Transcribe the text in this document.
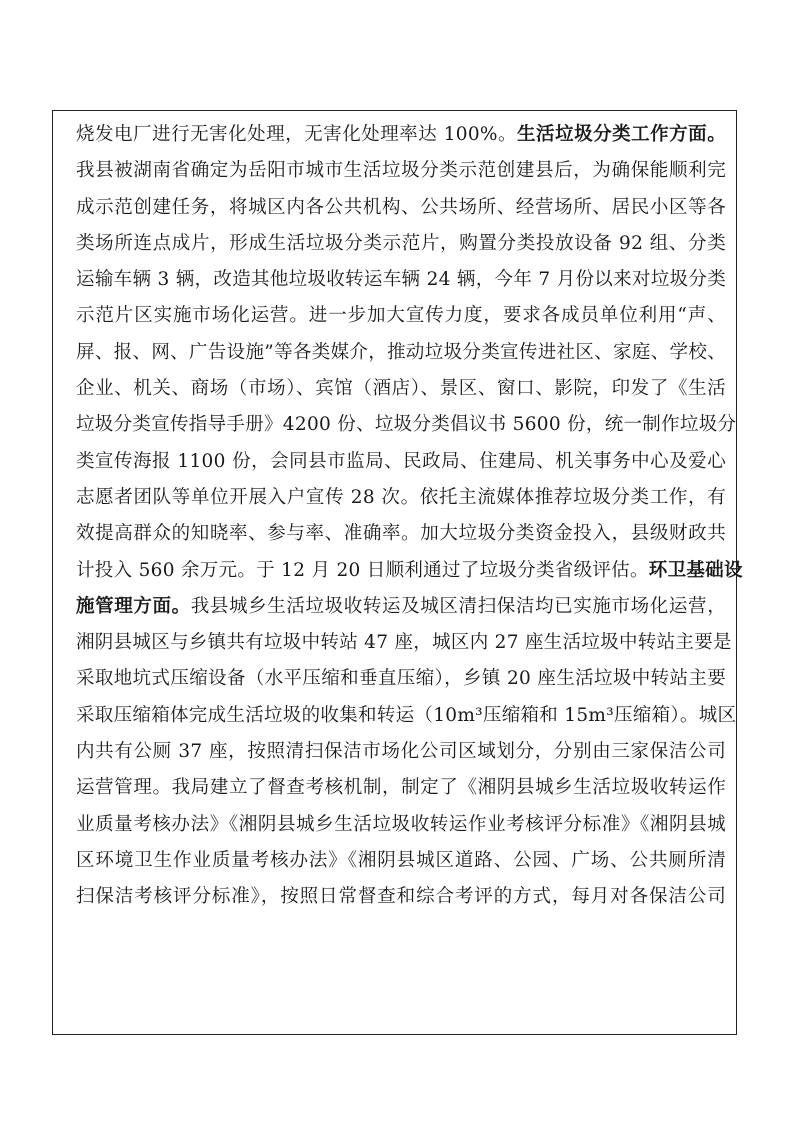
烧发电厂进行无害化处理，无害化处理率达 100%。生活垃圾分类工作方面。
我县被湖南省确定为岳阳市城市生活垃圾分类示范创建县后，为确保能顺利完
成示范创建任务，将城区内各公共机构、公共场所、经营场所、居民小区等各
类场所连点成片，形成生活垃圾分类示范片，购置分类投放设备 92 组、分类
运输车辆 3 辆，改造其他垃圾收转运车辆 24 辆，今年 7 月份以来对垃圾分类
示范片区实施市场化运营。进一步加大宣传力度，要求各成员单位利用“声、
屏、报、网、广告设施”等各类媒介，推动垃圾分类宣传进社区、家庭、学校、
企业、机关、商场（市场）、宾馆（酒店）、景区、窗口、影院，印发了《生活
垃圾分类宣传指导手册》4200 份、垃圾分类倡议书 5600 份，统一制作垃圾分
类宣传海报 1100 份，会同县市监局、民政局、住建局、机关事务中心及爱心
志愿者团队等单位开展入户宣传 28 次。依托主流媒体推荐垃圾分类工作，有
效提高群众的知晓率、参与率、准确率。加大垃圾分类资金投入，县级财政共
计投入 560 余万元。于 12 月 20 日顺利通过了垃圾分类省级评估。环卫基础设
施管理方面。我县城乡生活垃圾收转运及城区清扫保洁均已实施市场化运营，
湘阴县城区与乡镇共有垃圾中转站 47 座，城区内 27 座生活垃圾中转站主要是
采取地坑式压缩设备（水平压缩和垂直压缩），乡镇 20 座生活垃圾中转站主要
采取压缩箱体完成生活垃圾的收集和转运（10m³压缩箱和 15m³压缩箱）。城区
内共有公厕 37 座，按照清扫保洁市场化公司区域划分，分别由三家保洁公司
运营管理。我局建立了督查考核机制，制定了《湘阴县城乡生活垃圾收转运作
业质量考核办法》《湘阴县城乡生活垃圾收转运作业考核评分标准》《湘阴县城
区环境卫生作业质量考核办法》《湘阴县城区道路、公园、广场、公共厕所清
扫保洁考核评分标准》，按照日常督查和综合考评的方式，每月对各保洁公司
